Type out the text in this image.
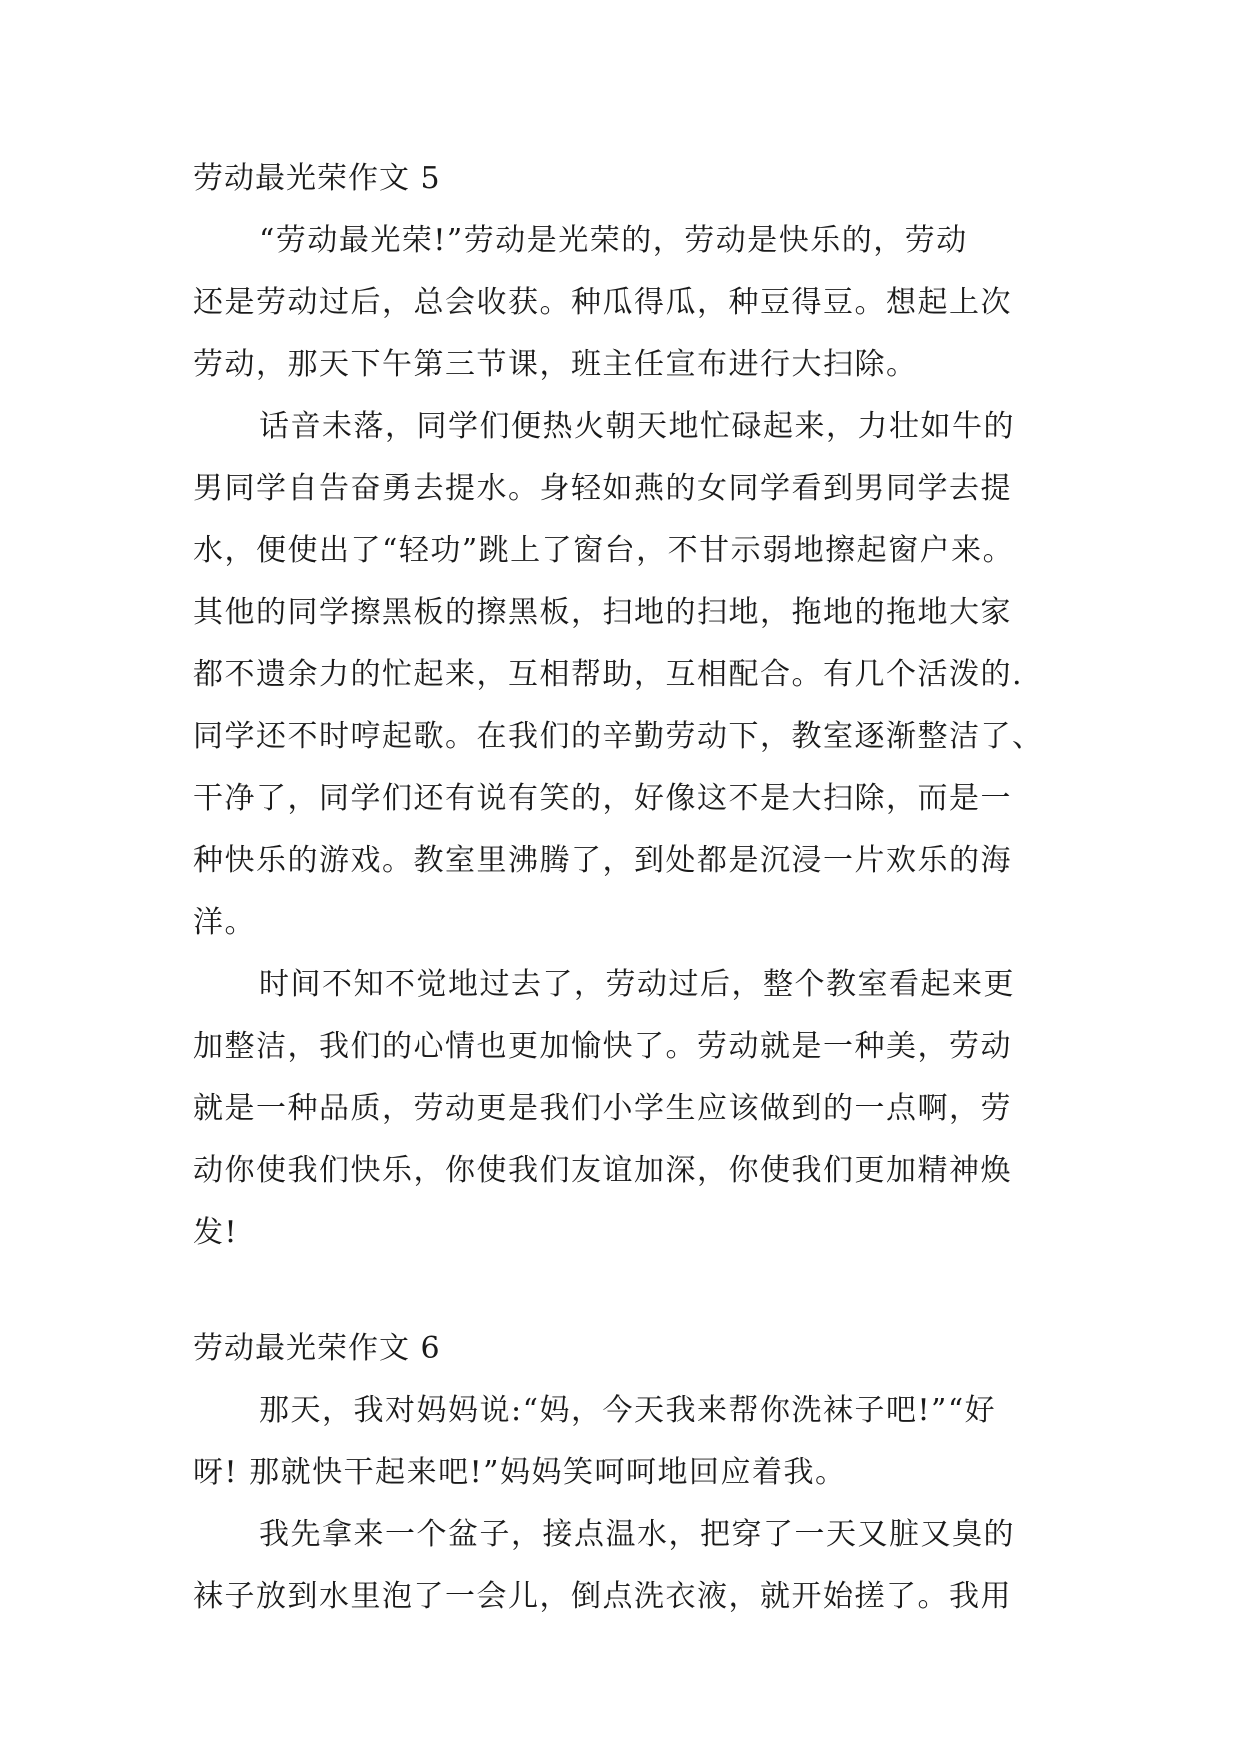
劳动最光荣作文 5

“劳动最光荣!”劳动是光荣的，劳动是快乐的，劳动
还是劳动过后，总会收获。种瓜得瓜，种豆得豆。想起上次
劳动，那天下午第三节课，班主任宣布进行大扫除。

话音未落，同学们便热火朝天地忙碌起来，力壮如牛的
男同学自告奋勇去提水。身轻如燕的女同学看到男同学去提
水，便使出了“轻功”跳上了窗台，不甘示弱地擦起窗户来。
其他的同学擦黑板的擦黑板，扫地的扫地，拖地的拖地大家
都不遗余力的忙起来，互相帮助，互相配合。有几个活泼的.
同学还不时哼起歌。在我们的辛勤劳动下，教室逐渐整洁了、
干净了，同学们还有说有笑的，好像这不是大扫除，而是一
种快乐的游戏。教室里沸腾了，到处都是沉浸一片欢乐的海
洋。

时间不知不觉地过去了，劳动过后，整个教室看起来更
加整洁，我们的心情也更加愉快了。劳动就是一种美，劳动
就是一种品质，劳动更是我们小学生应该做到的一点啊，劳
动你使我们快乐，你使我们友谊加深，你使我们更加精神焕
发!

劳动最光荣作文 6

那天，我对妈妈说:“妈，今天我来帮你洗袜子吧!”“好
呀! 那就快干起来吧!”妈妈笑呵呵地回应着我。

我先拿来一个盆子，接点温水，把穿了一天又脏又臭的
袜子放到水里泡了一会儿，倒点洗衣液，就开始搓了。我用
